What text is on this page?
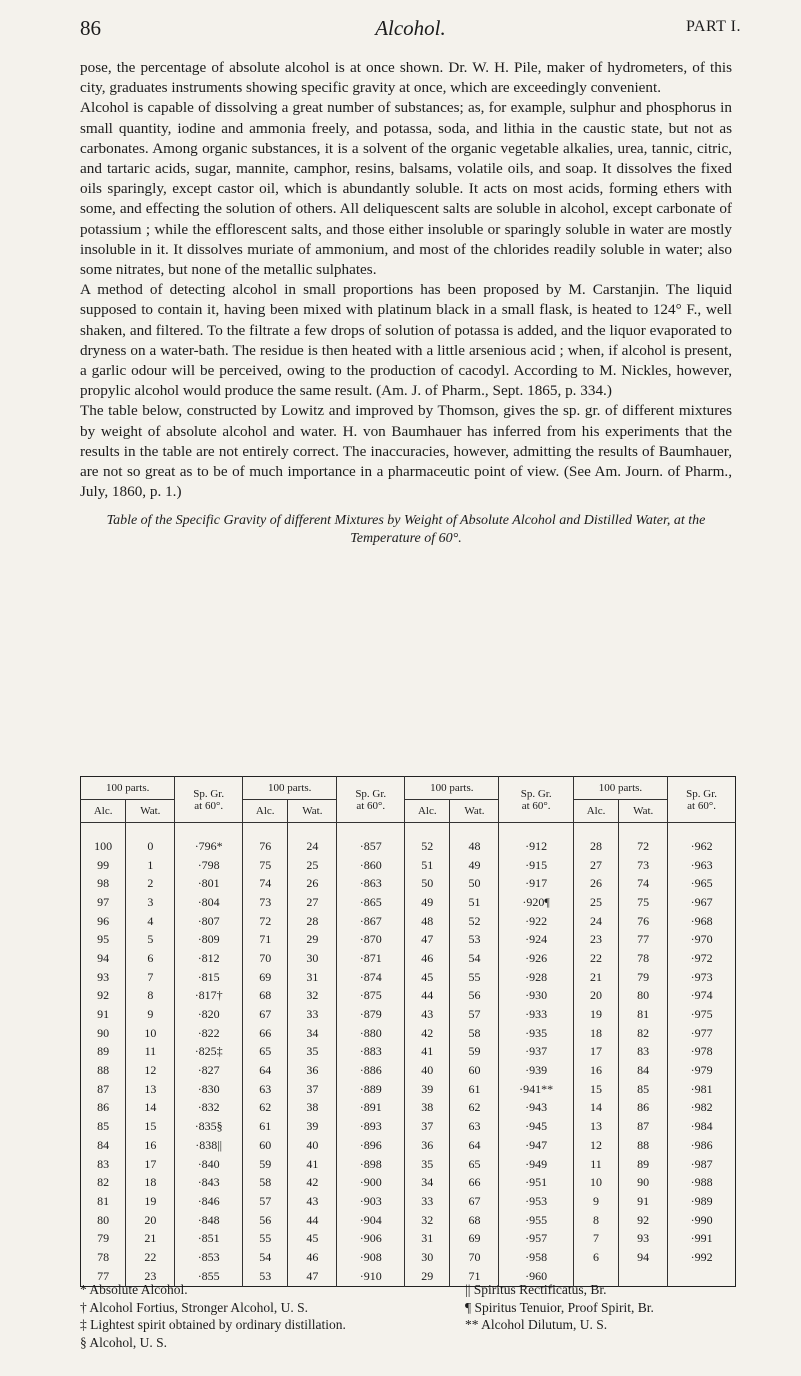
86	Alcohol.	PART I.

pose, the percentage of absolute alcohol is at once shown. Dr. W. H. Pile, maker of hydrometers, of this city, graduates instruments showing specific gravity at once, which are exceedingly convenient.

Alcohol is capable of dissolving a great number of substances; as, for example, sulphur and phosphorus in small quantity, iodine and ammonia freely, and potassa, soda, and lithia in the caustic state, but not as carbonates. Among organic substances, it is a solvent of the organic vegetable alkalies, urea, tannic, citric, and tartaric acids, sugar, mannite, camphor, resins, balsams, volatile oils, and soap. It dissolves the fixed oils sparingly, except castor oil, which is abundantly soluble. It acts on most acids, forming ethers with some, and effecting the solution of others. All deliquescent salts are soluble in alcohol, except carbonate of potassium ; while the efflorescent salts, and those either insoluble or sparingly soluble in water are mostly insoluble in it. It dissolves muriate of ammonium, and most of the chlorides readily soluble in water; also some nitrates, but none of the metallic sulphates.

A method of detecting alcohol in small proportions has been proposed by M. Carstanjin. The liquid supposed to contain it, having been mixed with platinum black in a small flask, is heated to 124° F., well shaken, and filtered. To the filtrate a few drops of solution of potassa is added, and the liquor evaporated to dryness on a water-bath. The residue is then heated with a little arsenious acid ; when, if alcohol is present, a garlic odour will be perceived, owing to the production of cacodyl. According to M. Nickles, however, propylic alcohol would produce the same result. (Am. J. of Pharm., Sept. 1865, p. 334.)

The table below, constructed by Lowitz and improved by Thomson, gives the sp. gr. of different mixtures by weight of absolute alcohol and water. H. von Baumhauer has inferred from his experiments that the results in the table are not entirely correct. The inaccuracies, however, admitting the results of Baumhauer, are not so great as to be of much importance in a pharmaceutic point of view. (See Am. Journ. of Pharm., July, 1860, p. 1.)

Table of the Specific Gravity of different Mixtures by Weight of Absolute Alcohol and Distilled Water, at the Temperature of 60°.
100 parts.		Sp. Gr.
at 60°.	100 parts.		Sp. Gr.
at 60°.	100 parts.		Sp. Gr.
at 60°.	100 parts.		Sp. Gr.
at 60°.
Alc.	Wat.		Alc.	Wat.		Alc.	Wat.		Alc.	Wat.	
100	0	·796*	76	24	·857	52	48	·912	28	72	·962
99	1	·798	75	25	·860	51	49	·915	27	73	·963
98	2	·801	74	26	·863	50	50	·917	26	74	·965
97	3	·804	73	27	·865	49	51	·920¶	25	75	·967
96	4	·807	72	28	·867	48	52	·922	24	76	·968
95	5	·809	71	29	·870	47	53	·924	23	77	·970
94	6	·812	70	30	·871	46	54	·926	22	78	·972
93	7	·815	69	31	·874	45	55	·928	21	79	·973
92	8	·817†	68	32	·875	44	56	·930	20	80	·974
91	9	·820	67	33	·879	43	57	·933	19	81	·975
90	10	·822	66	34	·880	42	58	·935	18	82	·977
89	11	·825‡	65	35	·883	41	59	·937	17	83	·978
88	12	·827	64	36	·886	40	60	·939	16	84	·979
87	13	·830	63	37	·889	39	61	·941**	15	85	·981
86	14	·832	62	38	·891	38	62	·943	14	86	·982
85	15	·835§	61	39	·893	37	63	·945	13	87	·984
84	16	·838||	60	40	·896	36	64	·947	12	88	·986
83	17	·840	59	41	·898	35	65	·949	11	89	·987
82	18	·843	58	42	·900	34	66	·951	10	90	·988
81	19	·846	57	43	·903	33	67	·953	9	91	·989
80	20	·848	56	44	·904	32	68	·955	8	92	·990
79	21	·851	55	45	·906	31	69	·957	7	93	·991
78	22	·853	54	46	·908	30	70	·958	6	94	·992
77	23	·855	53	47	·910	29	71	·960			
* Absolute Alcohol.
† Alcohol Fortius, Stronger Alcohol, U. S.
‡ Lightest spirit obtained by ordinary distillation.
§ Alcohol, U. S.
|| Spiritus Rectificatus, Br.
¶ Spiritus Tenuior, Proof Spirit, Br.
** Alcohol Dilutum, U. S.
